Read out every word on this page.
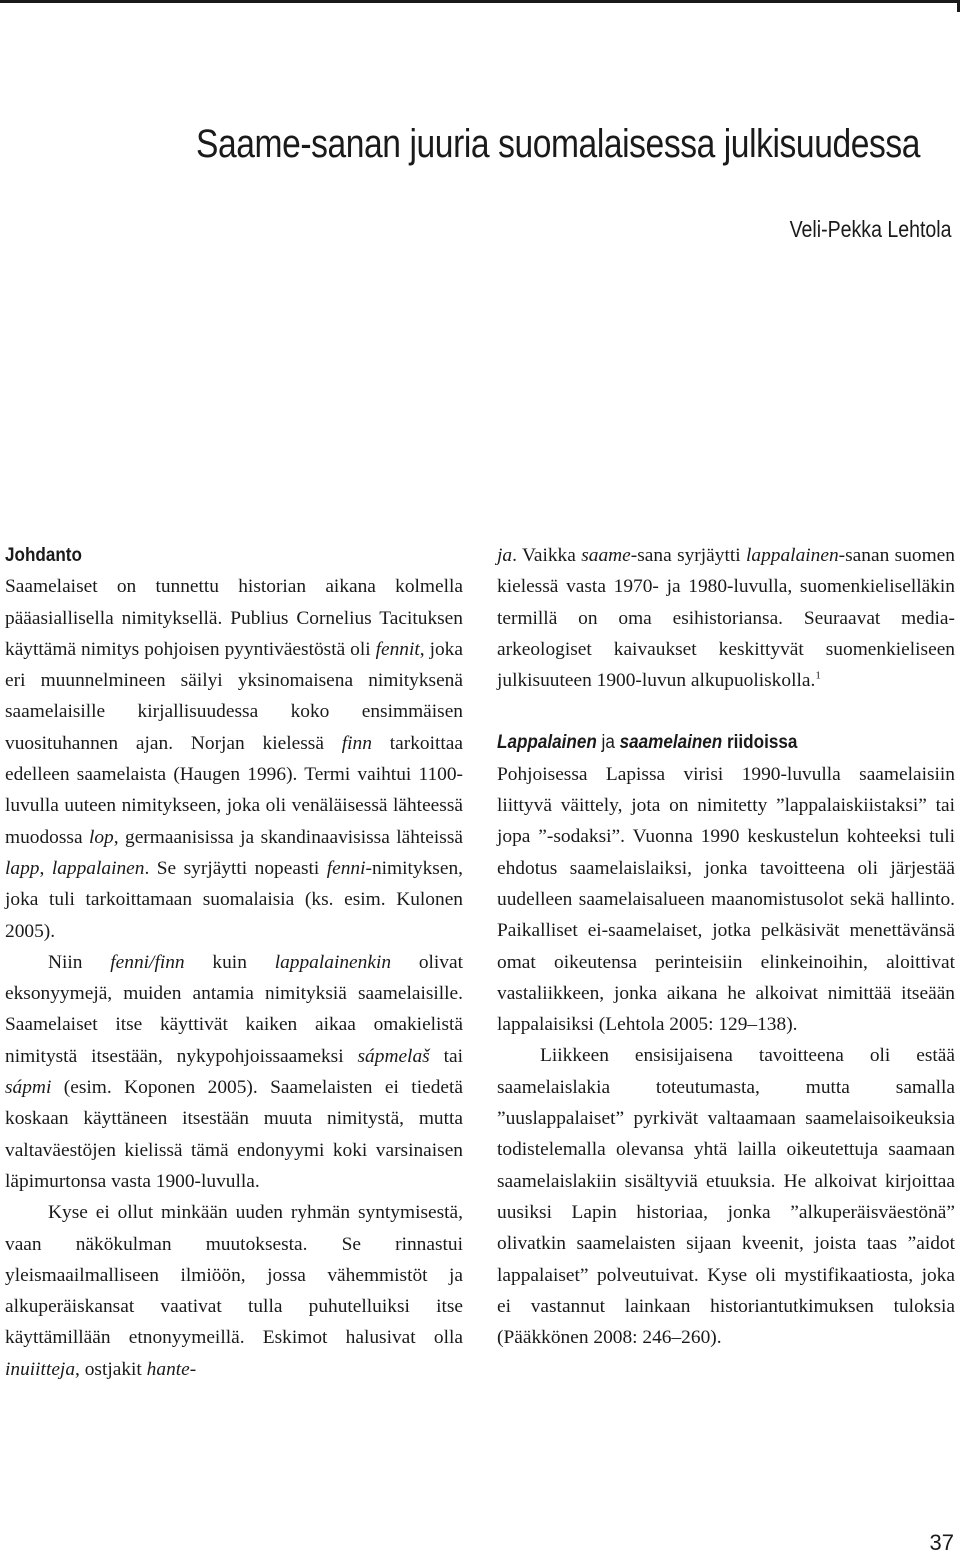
Saame-sanan juuria suomalaisessa julkisuudessa
Veli-Pekka Lehtola
Johdanto

Saamelaiset on tunnettu historian aikana kolmella pääasiallisella nimityksellä. Publius Cornelius Tacituksen käyttämä nimitys pohjoisen pyyntiväestöstä oli fennit, joka eri muunnelmineen säilyi yksinomaisena nimityksenä saamelaisille kirjallisuudessa koko ensimmäisen vuosituhannen ajan. Norjan kielessä finn tarkoittaa edelleen saamelaista (Haugen 1996). Termi vaihtui 1100-luvulla uuteen nimitykseen, joka oli venäläisessä lähteessä muodossa lop, germaanisissa ja skandinaavisissa lähteissä lapp, lappalainen. Se syrjäytti nopeasti fenni-nimityksen, joka tuli tarkoittamaan suomalaisia (ks. esim. Kulonen 2005).

Niin fenni/finn kuin lappalainenkin olivat eksonyymejä, muiden antamia nimityksiä saamelaisille. Saamelaiset itse käyttivät kaiken aikaa omakielistä nimitystä itsestään, nykypohjoissaameksi sápmelaš tai sápmi (esim. Koponen 2005). Saamelaisten ei tiedetä koskaan käyttäneen itsestään muuta nimitystä, mutta valtaväestöjen kielissä tämä endonyymi koki varsinaisen läpimurtonsa vasta 1900-luvulla.

Kyse ei ollut minkään uuden ryhmän syntymisestä, vaan näkökulman muutoksesta. Se rinnastui yleismaailmalliseen ilmiöön, jossa vähemmistöt ja alkuperäiskansat vaativat tulla puhutelluiksi itse käyttämillään etnonyymeillä. Eskimot halusivat olla inuiitteja, ostjakit hante-

ja. Vaikka saame-sana syrjäytti lappalainen-sanan suomen kielessä vasta 1970- ja 1980-luvulla, suomenkieliselläkin termillä on oma esihistoriansa. Seuraavat media-arkeologiset kaivaukset keskittyvät suomenkieliseen julkisuuteen 1900-luvun alkupuoliskolla.$^1$

Lappalainen ja saamelainen riidoissa

Pohjoisessa Lapissa virisi 1990-luvulla saamelaisiin liittyvä väittely, jota on nimitetty ”lappalaiskiistaksi” tai jopa ”-sodaksi”. Vuonna 1990 keskustelun kohteeksi tuli ehdotus saamelaislaiksi, jonka tavoitteena oli järjestää uudelleen saamelaisalueen maanomistusolot sekä hallinto. Paikalliset ei-saamelaiset, jotka pelkäsivät menettävänsä omat oikeutensa perinteisiin elinkeinoihin, aloittivat vastaliikkeen, jonka aikana he alkoivat nimittää itseään lappalaisiksi (Lehtola 2005: 129–138).

Liikkeen ensisijaisena tavoitteena oli estää saamelaislakia toteutumasta, mutta samalla ”uuslappalaiset” pyrkivät valtaamaan saamelaisoikeuksia todistelemalla olevansa yhtä lailla oikeutettuja saamaan saamelaislakiin sisältyviä etuuksia. He alkoivat kirjoittaa uusiksi Lapin historiaa, jonka ”alkuperäisväestönä” olivatkin saamelaisten sijaan kveenit, joista taas ”aidot lappalaiset” polveutuivat. Kyse oli mystifikaatiosta, joka ei vastannut lainkaan historiantutkimuksen tuloksia (Pääkkönen 2008: 246–260).

37
